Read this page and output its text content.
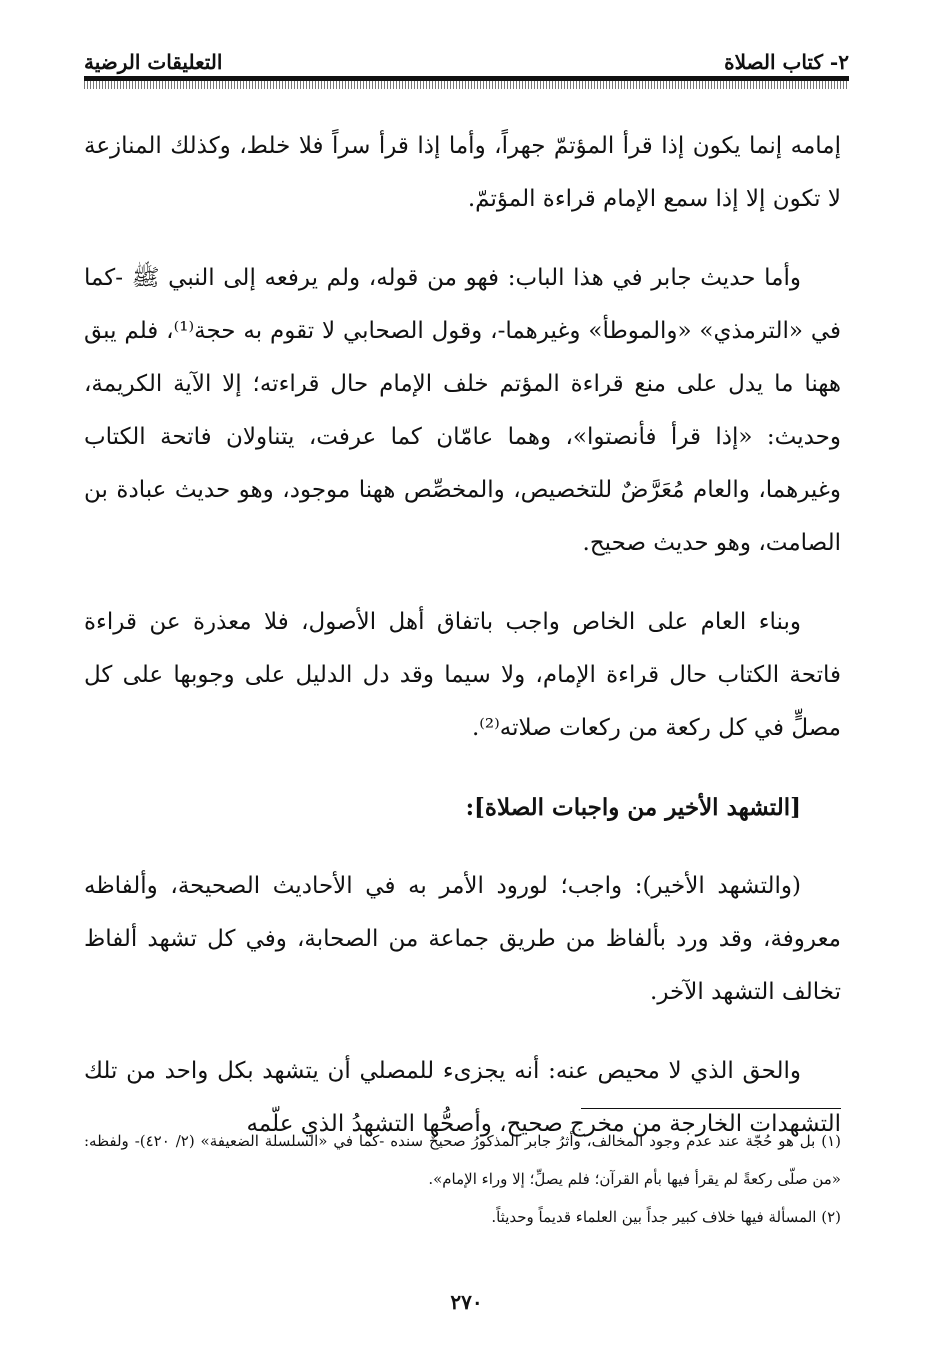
٢- كتاب الصلاة
التعليقات الرضية

إمامه إنما يكون إذا قرأ المؤتمّ جهراً، وأما إذا قرأ سراً فلا خلط، وكذلك المنازعة لا تكون إلا إذا سمع الإمام قراءة المؤتمّ.

وأما حديث جابر في هذا الباب: فهو من قوله، ولم يرفعه إلى النبي ﷺ -كما في «الترمذي» «والموطأ» وغيرهما-، وقول الصحابي لا تقوم به حجة⁽¹⁾، فلم يبق ههنا ما يدل على منع قراءة المؤتم خلف الإمام حال قراءته؛ إلا الآية الكريمة، وحديث: «إذا قرأ فأنصتوا»، وهما عامّان كما عرفت، يتناولان فاتحة الكتاب وغيرهما، والعام مُعَرَّضٌ للتخصيص، والمخصِّص ههنا موجود، وهو حديث عبادة بن الصامت، وهو حديث صحيح.

وبناء العام على الخاص واجب باتفاق أهل الأصول، فلا معذرة عن قراءة فاتحة الكتاب حال قراءة الإمام، ولا سيما وقد دل الدليل على وجوبها على كل مصلٍّ في كل ركعة من ركعات صلاته⁽²⁾.

[التشهد الأخير من واجبات الصلاة]:

(والتشهد الأخير): واجب؛ لورود الأمر به في الأحاديث الصحيحة، وألفاظه معروفة، وقد ورد بألفاظ من طريق جماعة من الصحابة، وفي كل تشهد ألفاظ تخالف التشهد الآخر.

والحق الذي لا محيص عنه: أنه يجزىء للمصلي أن يتشهد بكل واحد من تلك التشهدات الخارجة من مخرج صحيح، وأصحُّها التشهدُ الذي علّمه

(١) بل هو حُجّة عند عدم وجود المخالف، وأثرُ جابر المذكورُ صحيحٌ سنده -كما في «السلسلة الضعيفة» (٢/ ٤٢٠)- ولفظه: «من صلّى ركعةً لم يقرأ فيها بأم القرآن؛ فلم يصلِّ؛ إلا وراء الإمام».

(٢) المسألة فيها خلاف كبير جداً بين العلماء قديماً وحديثاً.

٢٧٠
